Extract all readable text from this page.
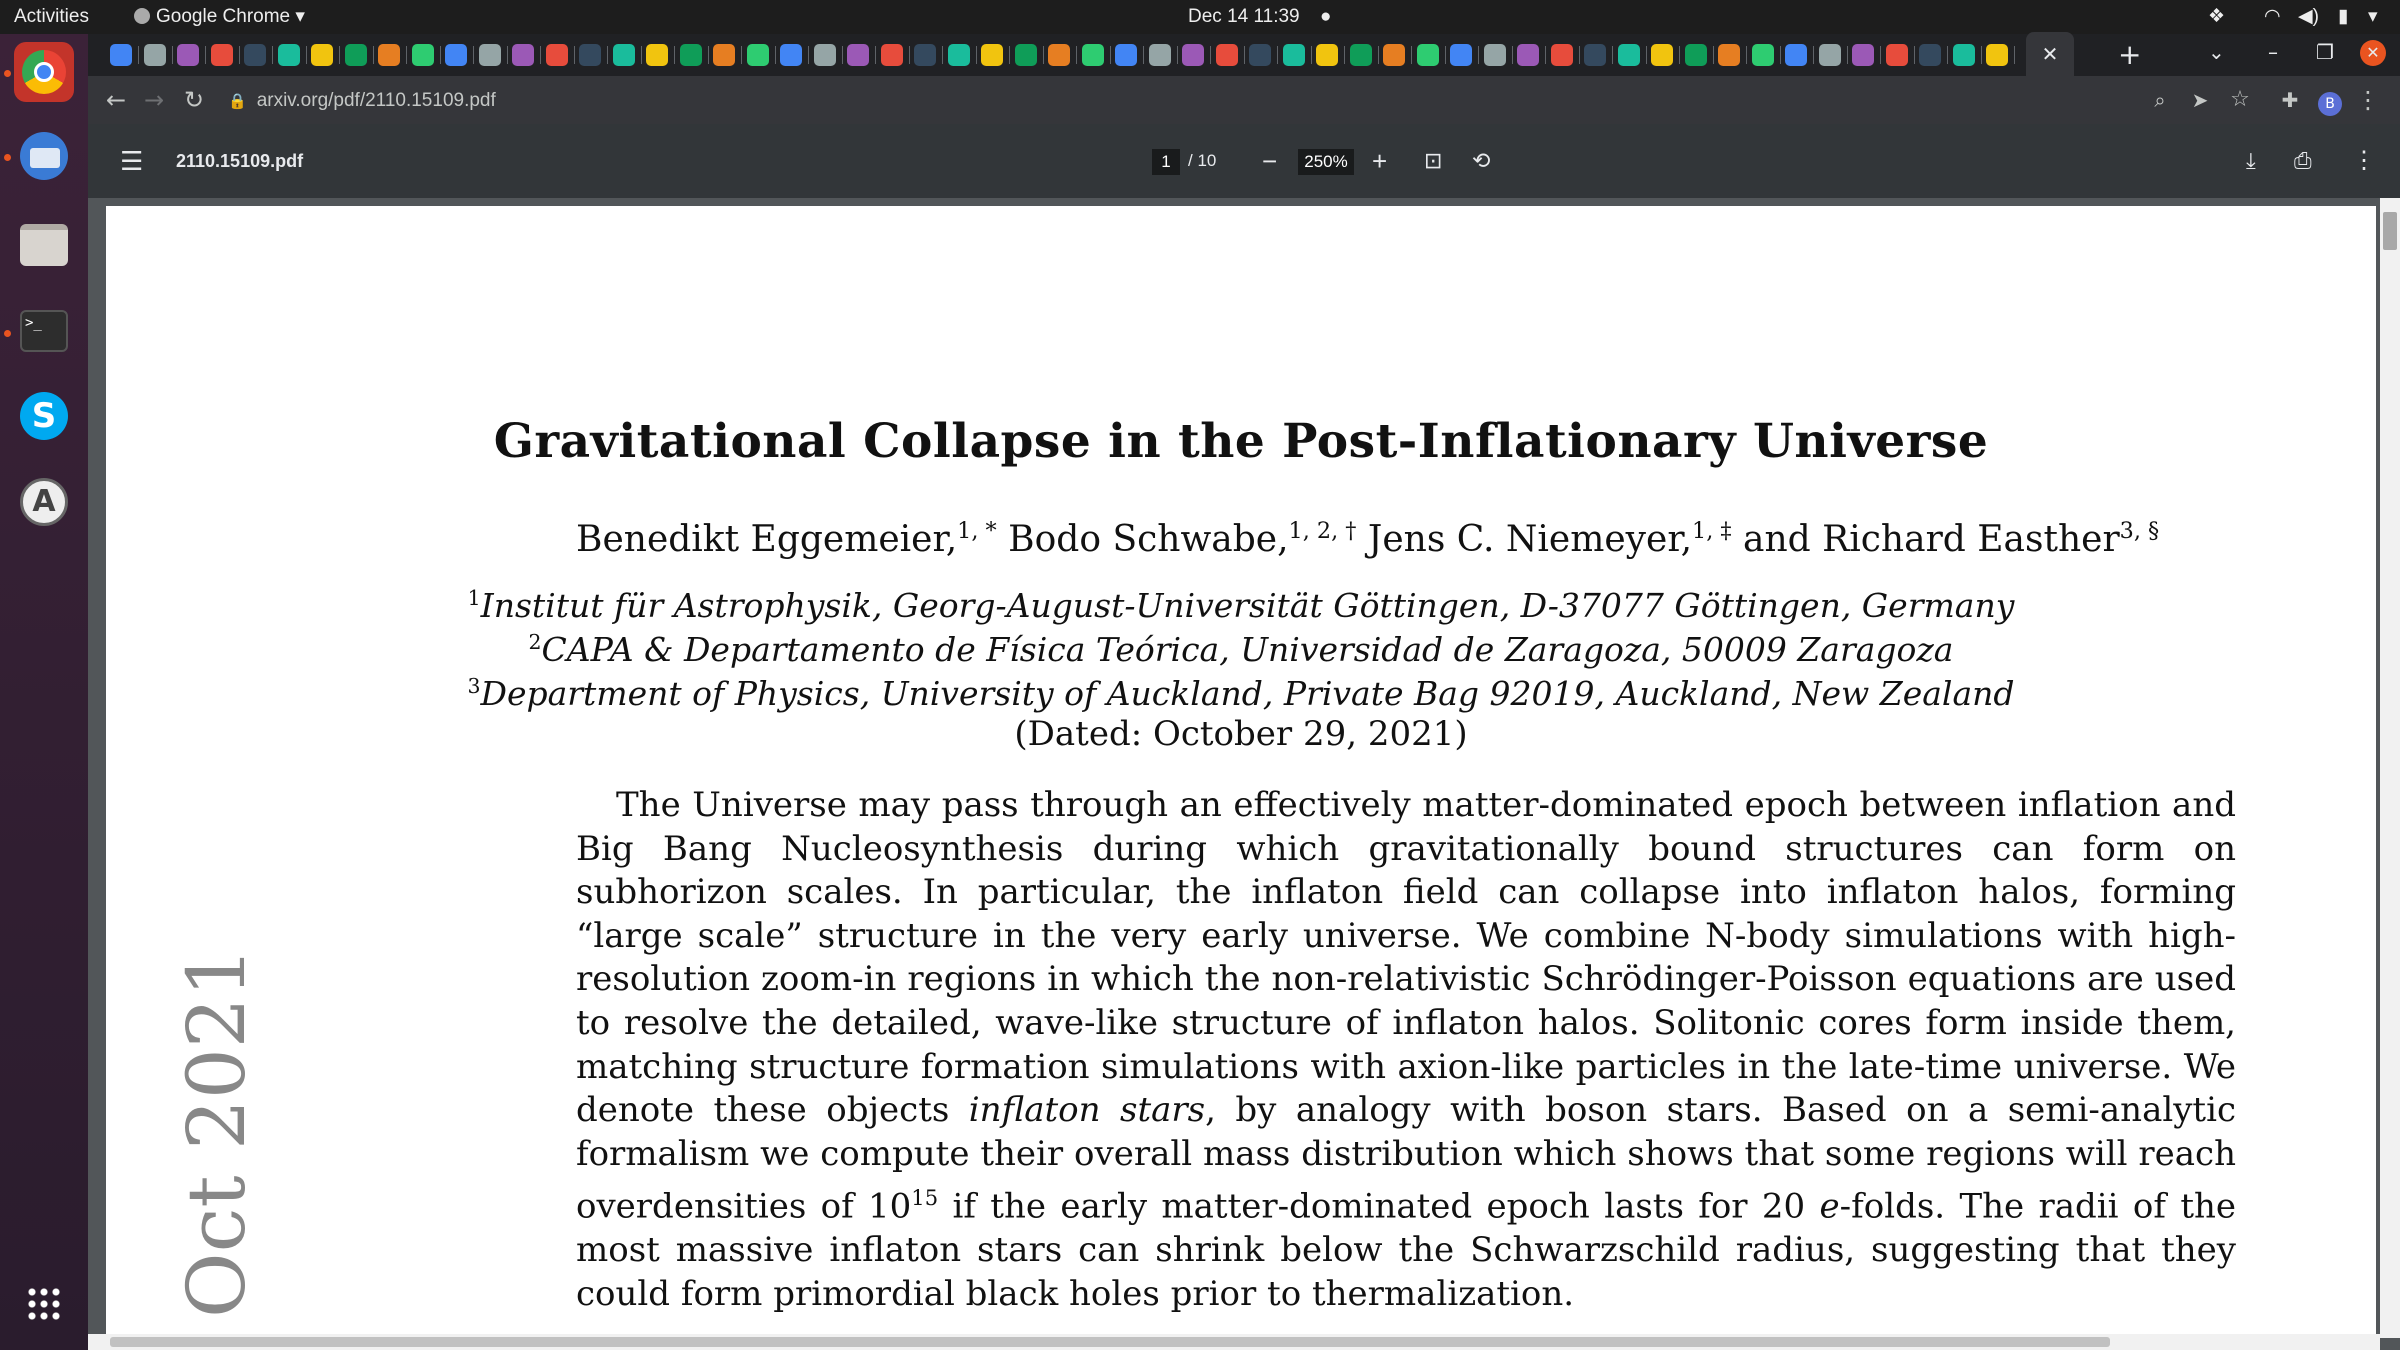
Activities	Google Chrome ▾	Dec 14 11:39 ●	❖ ◠ ◀) ▮ ▾
>_
S
A
+	⌄ – ❐	✕
✕
← → ↻	⌕	➤ ☆	✚	B ⋮
🔒 arxiv.org/pdf/2110.15109.pdf
☰ 2110.15109.pdf	1	/ 10 −	250% + ⊡ ⟲	⤓ ⎙ ⋮
Oct 2021
Gravitational Collapse in the Post-Inflationary Universe
Benedikt Eggemeier,$^{1, *}$ Bodo Schwabe,$^{1, 2, \dagger}$ Jens C. Niemeyer,$^{1, \ddagger}$ and Richard Easther$^{3, \S}$
$^1$Institut für Astrophysik, Georg-August-Universität Göttingen, D-37077 Göttingen, Germany
$^2$CAPA & Departamento de Física Teórica, Universidad de Zaragoza, 50009 Zaragoza
$^3$Department of Physics, University of Auckland, Private Bag 92019, Auckland, New Zealand
(Dated: October 29, 2021)
The Universe may pass through an effectively matter-dominated epoch between inflation and Big Bang Nucleosynthesis during which gravitationally bound structures can form on subhorizon scales. In particular, the inflaton field can collapse into inflaton halos, forming “large scale” structure in the very early universe. We combine N-body simulations with high-resolution zoom-in regions in which the non-relativistic Schrödinger-Poisson equations are used to resolve the detailed, wave-like structure of inflaton halos. Solitonic cores form inside them, matching structure formation simulations with axion-like particles in the late-time universe. We denote these objects inflaton stars, by analogy with boson stars. Based on a semi-analytic formalism we compute their overall mass distribution which shows that some regions will reach overdensities of $10^{15}$ if the early matter-dominated epoch lasts for 20 e-folds. The radii of the most massive inflaton stars can shrink below the Schwarzschild radius, suggesting that they could form primordial black holes prior to thermalization.
